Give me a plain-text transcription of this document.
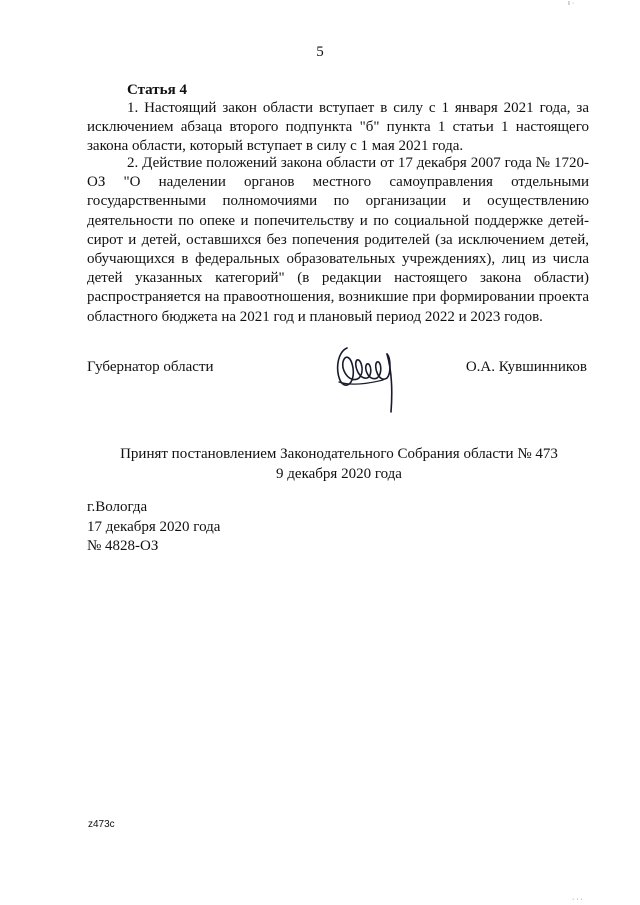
ı ·
5
Статья 4
1. Настоящий закон области вступает в силу с 1 января 2021 года, за исключением абзаца второго подпункта "б" пункта 1 статьи 1 настоящего закона области, который вступает в силу с 1 мая 2021 года.
2. Действие положений закона области от 17 декабря 2007 года № 1720-ОЗ "О наделении органов местного самоуправления отдельными государственными полномочиями по организации и осуществлению деятельности по опеке и попечительству и по социальной поддержке детей-сирот и детей, оставшихся без попечения родителей (за исключением детей, обучающихся в федеральных образовательных учреждениях), лиц из числа детей указанных категорий" (в редакции настоящего закона области) распространяется на правоотношения, возникшие при формировании проекта областного бюджета на 2021 год и плановый период 2022 и 2023 годов.
Губернатор области	О.А. Кувшинников
Принят постановлением Законодательного Собрания области № 473
9 декабря 2020 года
г.Вологда
17 декабря 2020 года
№ 4828-ОЗ
z473c
· · ·
